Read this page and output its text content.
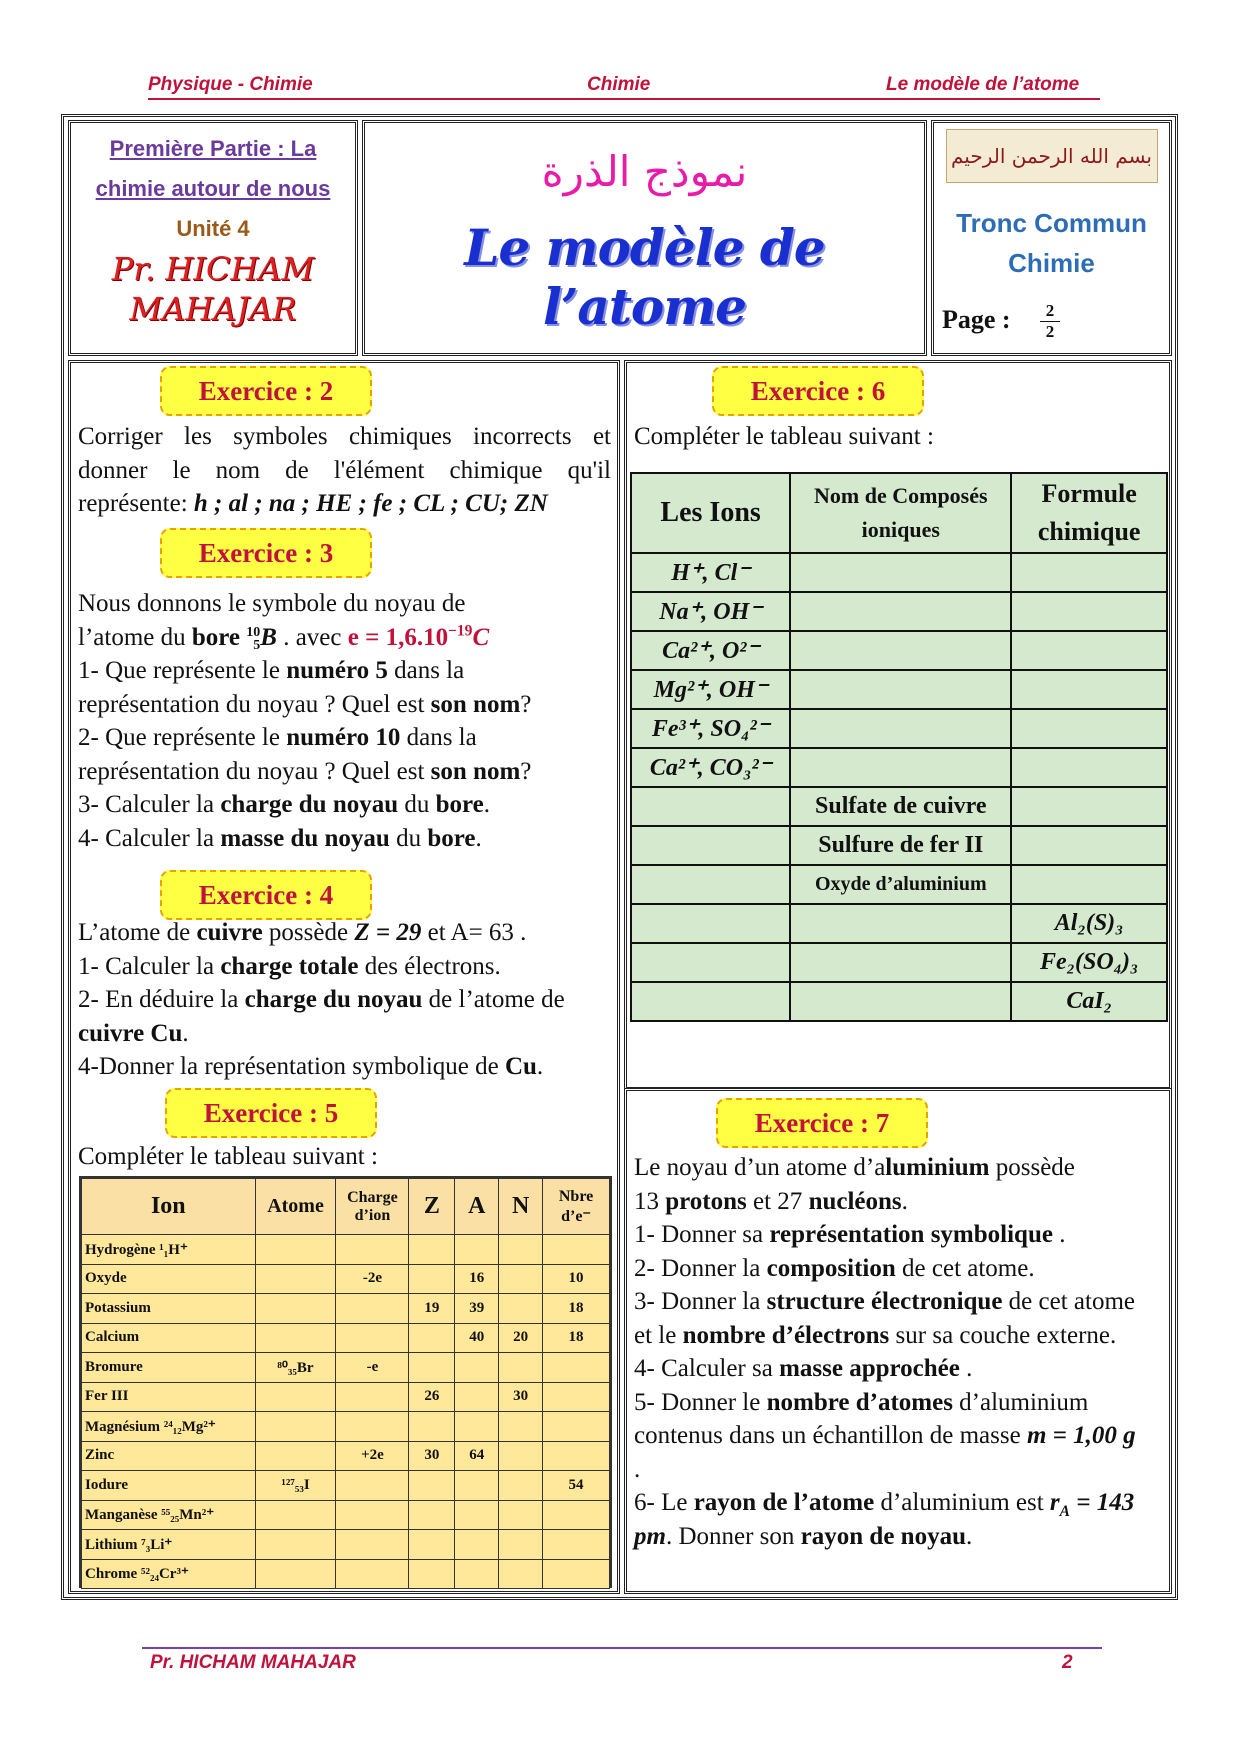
Physique - Chimie	Chimie	Le modèle de l’atome
Première Partie : La
chimie autour de nous
Unité 4
Pr. HICHAM
MAHAJAR
نموذج الذرة
Le modèle de l’atome
بسم الله الرحمن الرحيم
Tronc Commun
Chimie
Page :	2
2
Exercice : 2
Corriger les symboles chimiques incorrects et donner le nom de l'élément chimique qu'il représente: h ; al ; na ; HE ; fe ; CL ; CU; ZN
Exercice : 3
Nous donnons le symbole du noyau de l’atome du bore 10
5 B . avec $e = 1,6.10^{-19}C$
1- Que représente le numéro 5 dans la représentation du noyau ? Quel est son nom?
2- Que représente le numéro 10 dans la représentation du noyau ? Quel est son nom?
3- Calculer la charge du noyau du bore.
4- Calculer la masse du noyau du bore.
Exercice : 4
L’atome de cuivre possède Z = 29 et A= 63 .
1- Calculer la charge totale des électrons.
2- En déduire la charge du noyau de l’atome de cuivre Cu.
4-Donner la représentation symbolique de Cu.
Exercice : 5
Compléter le tableau suivant :
Ion	Atome	Charge d’ion	Z	A	N	Nbre d’e⁻
Hydrogène ¹₁H⁺						
Oxyde		-2e		16		10
Potassium			19	39		18
Calcium				40	20	18
Bromure	⁸⁰₃₅Br	-e				
Fer III			26		30	
Magnésium ²⁴₁₂Mg²⁺						
Zinc		+2e	30	64		
Iodure	¹²⁷₅₃I					54
Manganèse ⁵⁵₂₅Mn²⁺						
Lithium ⁷₃Li⁺						
Chrome ⁵²₂₄Cr³⁺						
Exercice : 6
Compléter le tableau suivant :
Les Ions	Nom de Composés ioniques	Formule chimique
H⁺, Cl⁻		
Na⁺, OH⁻		
Ca²⁺, O²⁻		
Mg²⁺, OH⁻		
Fe³⁺, SO₄²⁻		
Ca²⁺, CO₃²⁻		
	Sulfate de cuivre	
	Sulfure de fer II	
	Oxyde d’aluminium	
		Al₂(S)₃
		Fe₂(SO₄)₃
		CaI₂
Exercice : 7
Le noyau d’un atome d’aluminium possède
13 protons et 27 nucléons.
1- Donner sa représentation symbolique .
2- Donner la composition de cet atome.
3- Donner la structure électronique de cet atome et le nombre d’électrons sur sa couche externe.
4- Calculer sa masse approchée .
5- Donner le nombre d’atomes d’aluminium contenus dans un échantillon de masse m = 1,00 g .
6- Le rayon de l’atome d’aluminium est $r_A = 143$ pm. Donner son rayon de noyau.
Pr. HICHAM MAHAJAR	2
